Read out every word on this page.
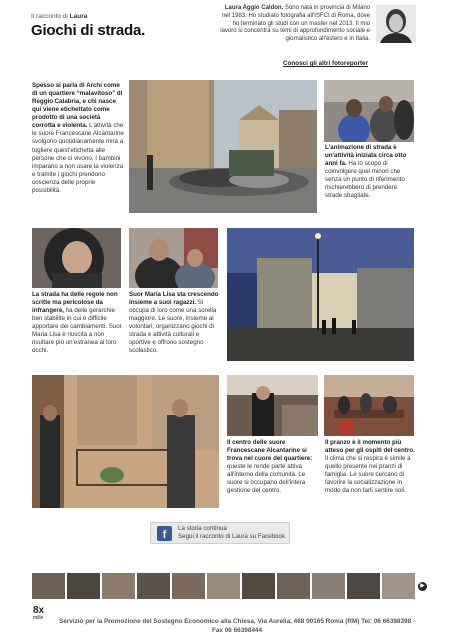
Il racconto di Laura
Giochi di strada.
Laura Aggio Caldon. Sono nata in provincia di Milano nel 1983. Ho studiato fotografia all'ISFCI di Roma, dove ho terminato gli studi con un master nel 2013. Il mio lavoro si concentra su temi di approfondimento sociale e giornalistico all'estero e in Italia.
Conosci gli altri fotoreporter
Spesso si parla di Archi come di un quartiere “malavitoso” di Reggio Calabria, e chi nasce qui viene etichettato come prodotto di una società corrotta e violenta. L'attività che le suore Francescane Alcantarine svolgono quotidianamente mira a togliere quest'etichetta alle persone che ci vivono. I bambini imparano a non usare la violenza e tramite i giochi prendono coscienza delle proprie possibilità.
L'animazione di strada è un'attività iniziata circa otto anni fa. Ha lo scopo di coinvolgere quei minori che senza un punto di riferimento rischierebbero di prendere strade sbagliate.
La strada ha delle regole non scritte ma pericolose da infrangere, ha delle gerarchie ben stabilite in cui è difficile apportare dei cambiamenti. Suor Maria Lisa è riuscita a non risultare più un'estranea ai loro occhi.
Suor Maria Lisa sta crescendo insieme a suoi ragazzi. Si occupa di loro come una sorella maggiore. Le suore, insieme ai volontari, organizzano giochi di strada e attività culturali e sportive e offrono sostegno scolastico.
Il centro delle suore Francescane Alcantarine si trova nel cuore del quartiere: queste le rende parte attiva all'interno della comunità. Le suore si occupano dell'intera gestione del centro.
Il pranzo è il momento più atteso per gli ospiti del centro. Il clima che si respira è simile a quello presente nei pranzi di famiglia. Le suore cercano di favorire la socializzazione in modo da non farli sentire soli.
f
La storia continua
Segui il racconto di Laura su Facebook
▶
8x
mille	Servizio per la Promozione del Sostegno Economico alla Chiesa, Via Aurelia, 468 00165 Roma (RM) Tel: 06 66398398 - Fax 06 66398444
